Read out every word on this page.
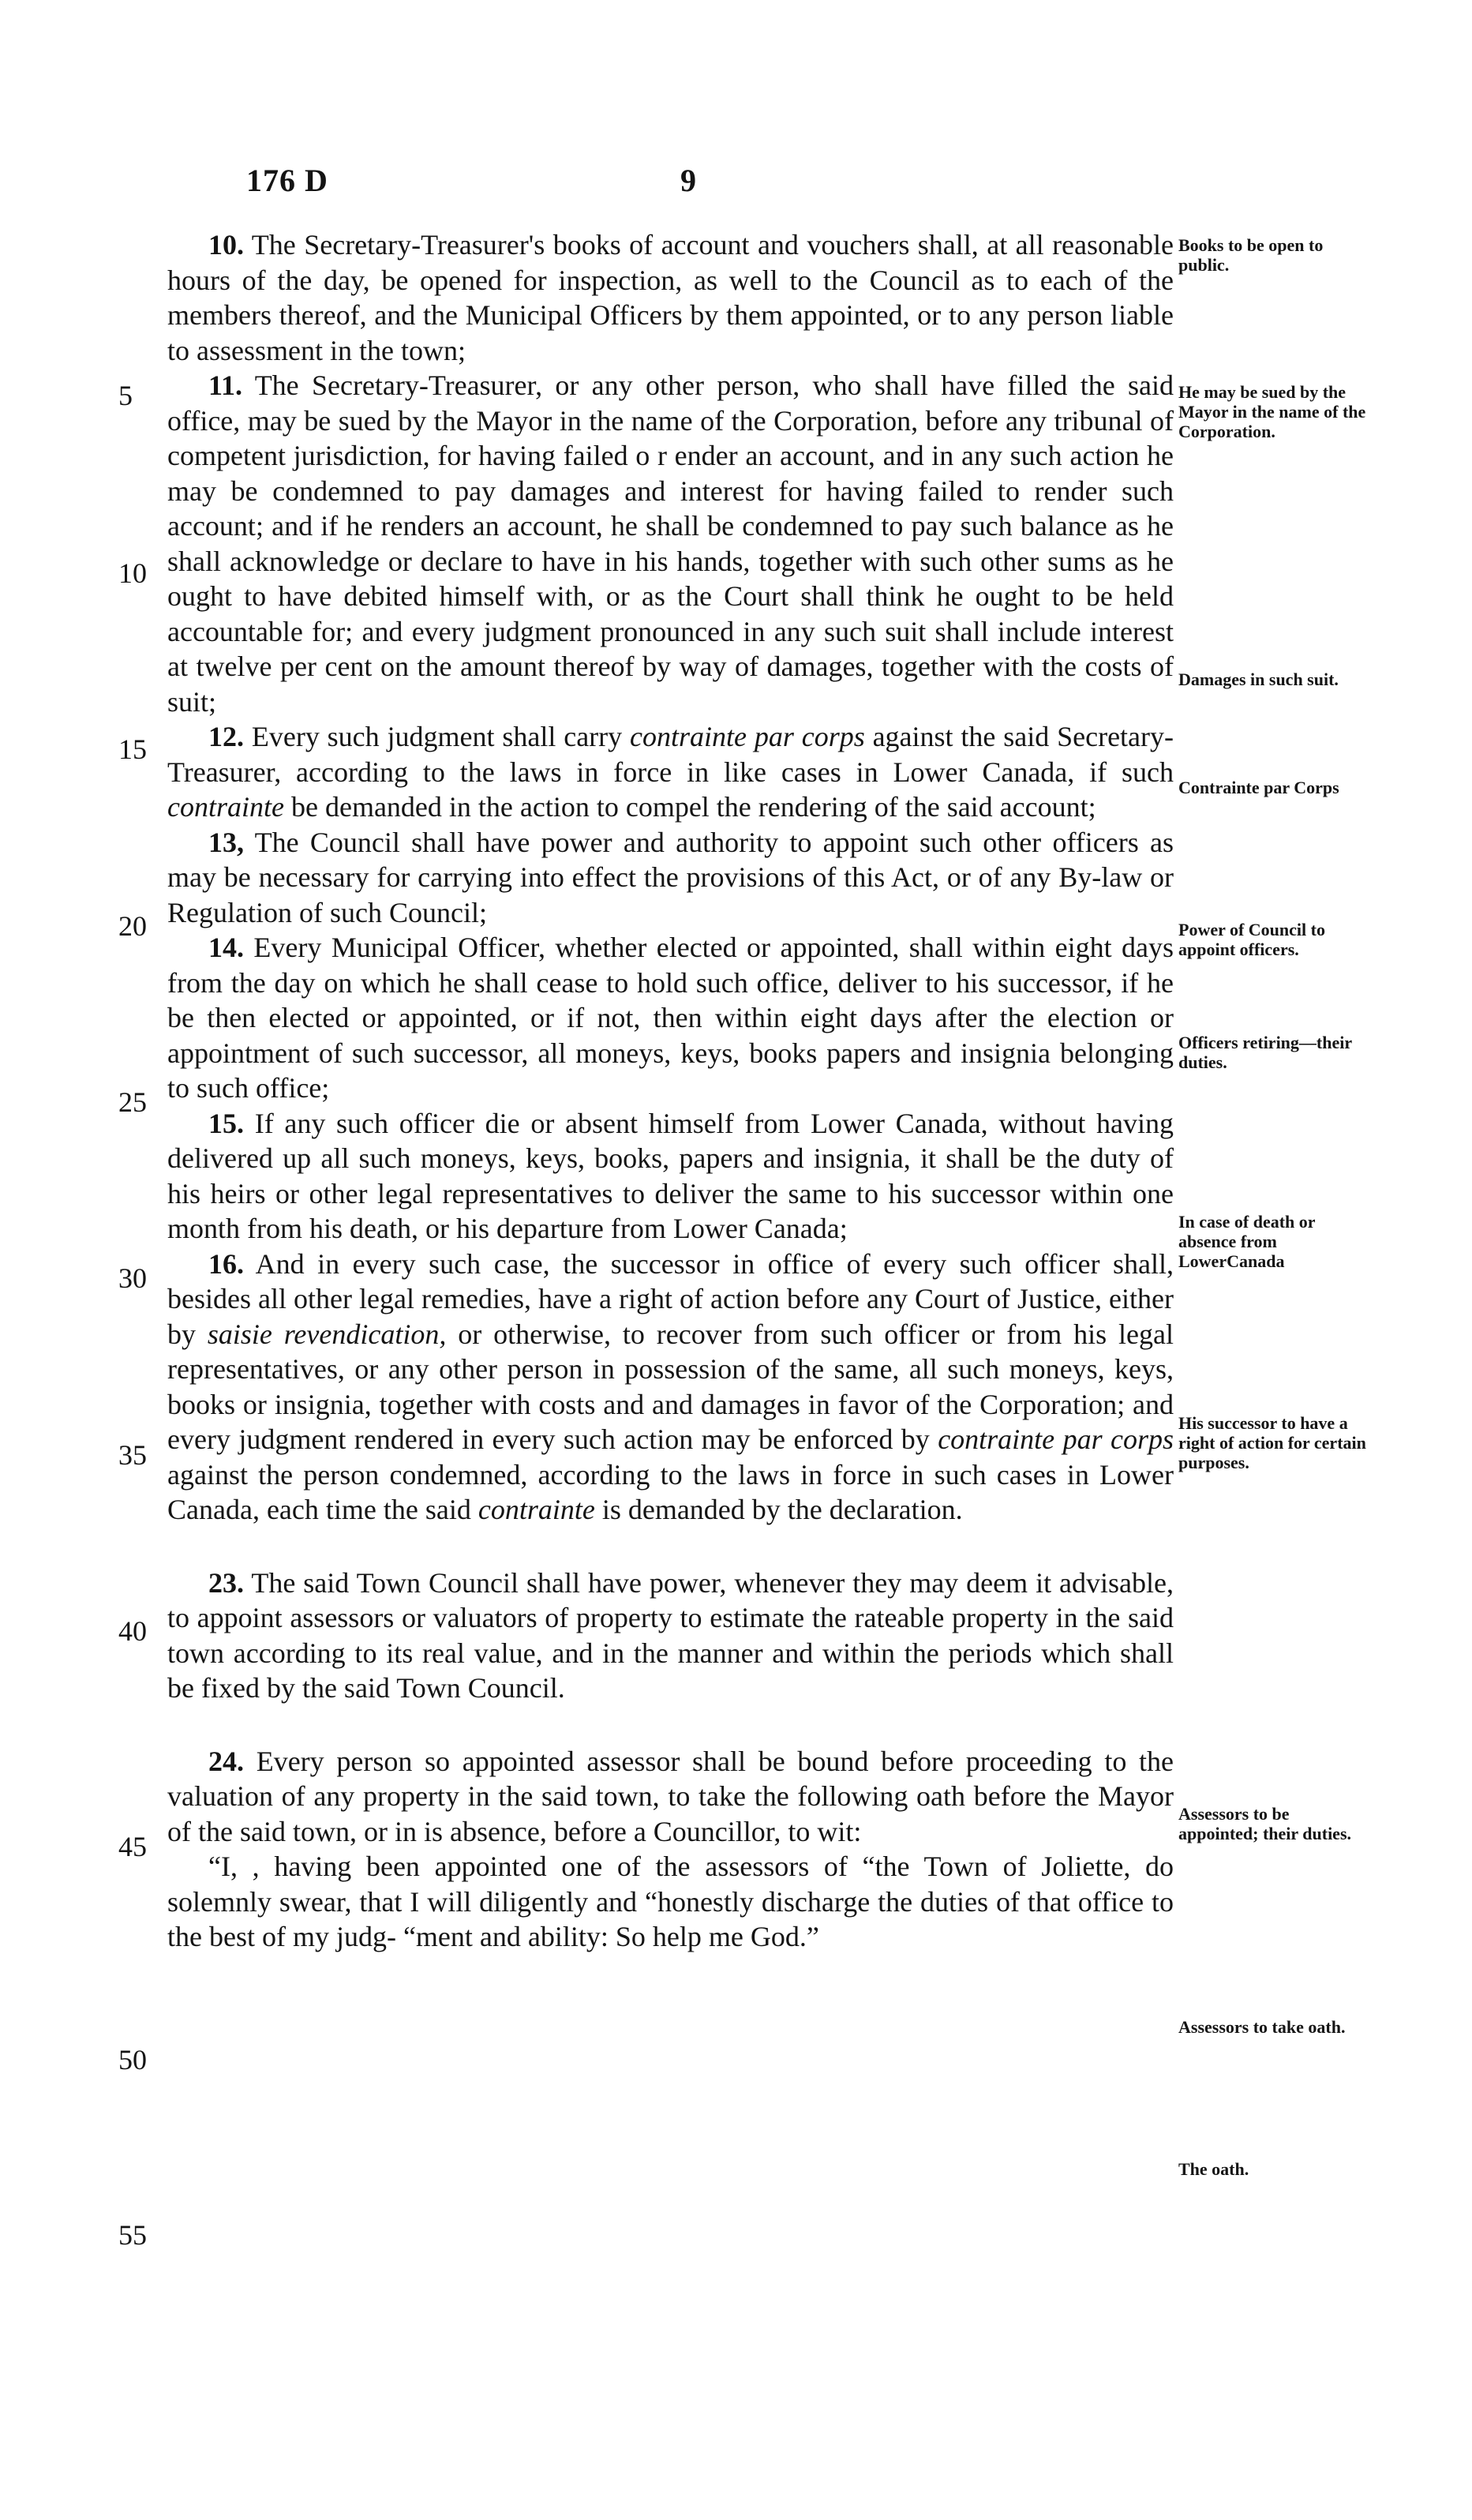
176 D	9

10. The Secretary-Treasurer's books of account and vouchers shall, at all reasonable hours of the day, be opened for inspection, as well to the Council as to each of the members thereof, and the Municipal Officers by them appointed, or to any person liable to assessment in the town;

11. The Secretary-Treasurer, or any other person, who shall have filled the said office, may be sued by the Mayor in the name of the Corporation, before any tribunal of competent jurisdiction, for having failed o r ender an account, and in any such action he may be condemned to pay damages and interest for having failed to render such account; and if he renders an account, he shall be condemned to pay such balance as he shall acknowledge or declare to have in his hands, together with such other sums as he ought to have debited himself with, or as the Court shall think he ought to be held accountable for; and every judgment pronounced in any such suit shall include interest at twelve per cent on the amount thereof by way of damages, together with the costs of suit;

12. Every such judgment shall carry contrainte par corps against the said Secretary-Treasurer, according to the laws in force in like cases in Lower Canada, if such contrainte be demanded in the action to compel the rendering of the said account;

13, The Council shall have power and authority to appoint such other officers as may be necessary for carrying into effect the provisions of this Act, or of any By-law or Regulation of such Council;

14. Every Municipal Officer, whether elected or appointed, shall within eight days from the day on which he shall cease to hold such office, deliver to his successor, if he be then elected or appointed, or if not, then within eight days after the election or appointment of such successor, all moneys, keys, books papers and insignia belonging to such office;

15. If any such officer die or absent himself from Lower Canada, without having delivered up all such moneys, keys, books, papers and insignia, it shall be the duty of his heirs or other legal representatives to deliver the same to his successor within one month from his death, or his departure from Lower Canada;

16. And in every such case, the successor in office of every such officer shall, besides all other legal remedies, have a right of action before any Court of Justice, either by saisie revendication, or otherwise, to recover from such officer or from his legal representatives, or any other person in possession of the same, all such moneys, keys, books or insignia, together with costs and and damages in favor of the Corporation; and every judgment rendered in every such action may be enforced by contrainte par corps against the person condemned, according to the laws in force in such cases in Lower Canada, each time the said contrainte is demanded by the declaration.

23. The said Town Council shall have power, whenever they may deem it advisable, to appoint assessors or valuators of property to estimate the rateable property in the said town according to its real value, and in the manner and within the periods which shall be fixed by the said Town Council.

24. Every person so appointed assessor shall be bound before proceeding to the valuation of any property in the said town, to take the following oath before the Mayor of the said town, or in is absence, before a Councillor, to wit:

“I, , having been appointed one of the assessors of “the Town of Joliette, do solemnly swear, that I will diligently and “honestly discharge the duties of that office to the best of my judg- “ment and ability: So help me God.”

5
10
15
20
25
30
35
40
45
50
55
Books to be open to public.
He may be sued by the Mayor in the name of the Corporation.
Damages in such suit.
Contrainte par Corps
Power of Council to appoint officers.
Officers retiring—their duties.
In case of death or absence from LowerCanada
His successor to have a right of action for certain purposes.
Assessors to be appointed; their duties.
Assessors to take oath.
The oath.
